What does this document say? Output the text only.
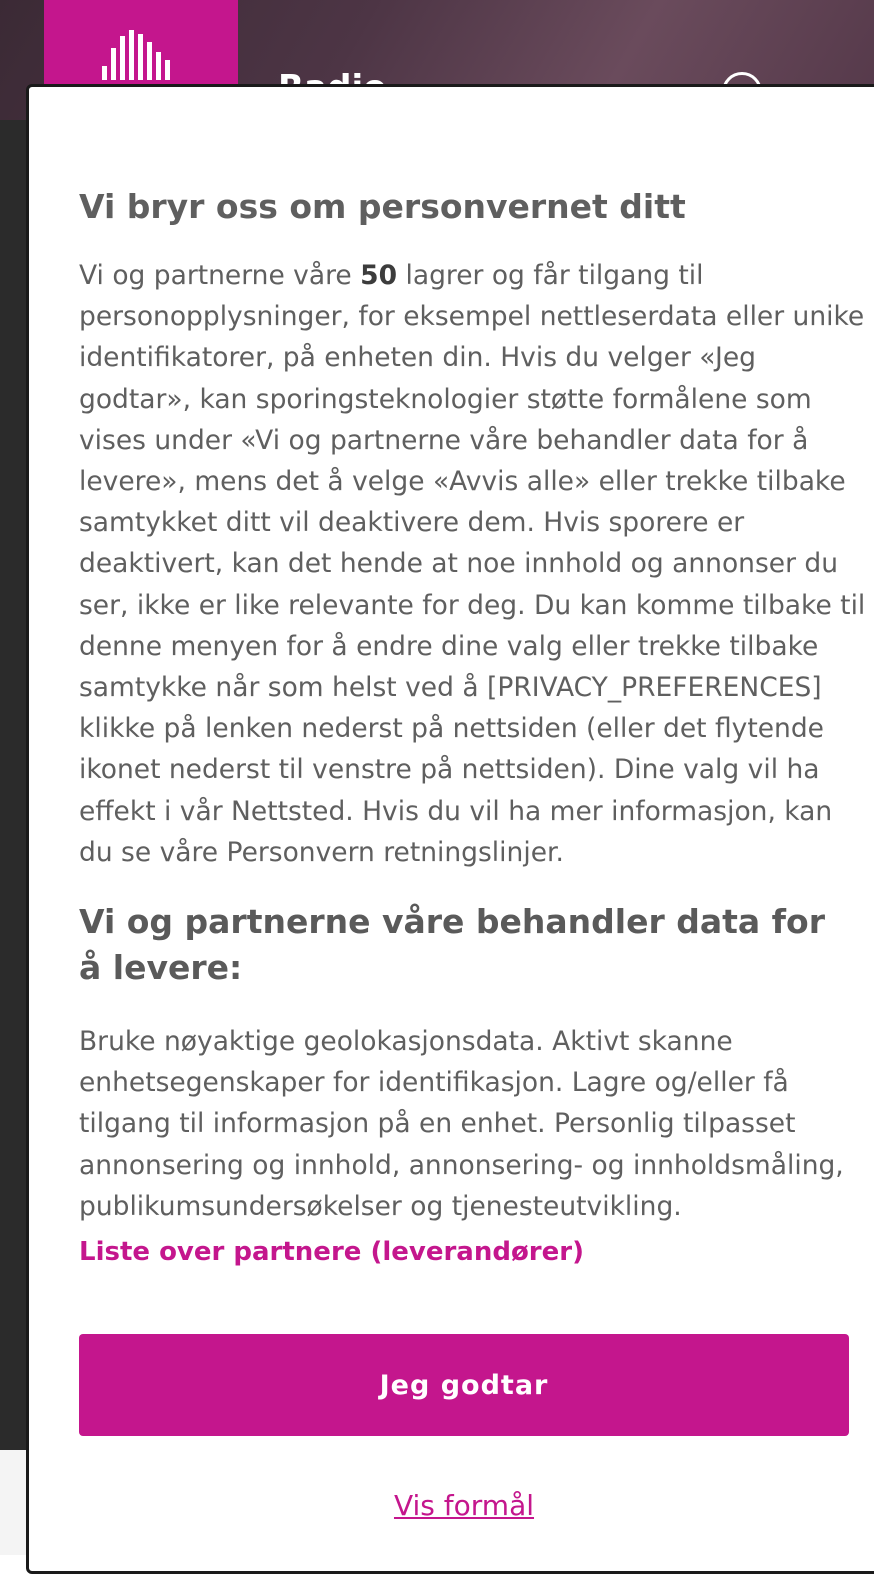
Vi bryr oss om personvernet ditt

Vi og partnerne våre 50 lagrer og får tilgang til personopplysninger, for eksempel nettleserdata eller unike identifikatorer, på enheten din. Hvis du velger «Jeg godtar», kan sporingsteknologier støtte formålene som vises under «Vi og partnerne våre behandler data for å levere», mens det å velge «Avvis alle» eller trekke tilbake samtykket ditt vil deaktivere dem. Hvis sporere er deaktivert, kan det hende at noe innhold og annonser du ser, ikke er like relevante for deg. Du kan komme tilbake til denne menyen for å endre dine valg eller trekke tilbake samtykke når som helst ved å [PRIVACY_PREFERENCES] klikke på lenken nederst på nettsiden (eller det flytende ikonet nederst til venstre på nettsiden). Dine valg vil ha effekt i vår Nettsted. Hvis du vil ha mer informasjon, kan du se våre Personvern retningslinjer.

Vi og partnerne våre behandler data for å levere:

Bruke nøyaktige geolokasjonsdata. Aktivt skanne enhetsegenskaper for identifikasjon. Lagre og/eller få tilgang til informasjon på en enhet. Personlig tilpasset annonsering og innhold, annonsering- og innholdsmåling, publikumsundersøkelser og tjenesteutvikling.

Liste over partnere (leverandører)
Jeg godtar
Vis formål
